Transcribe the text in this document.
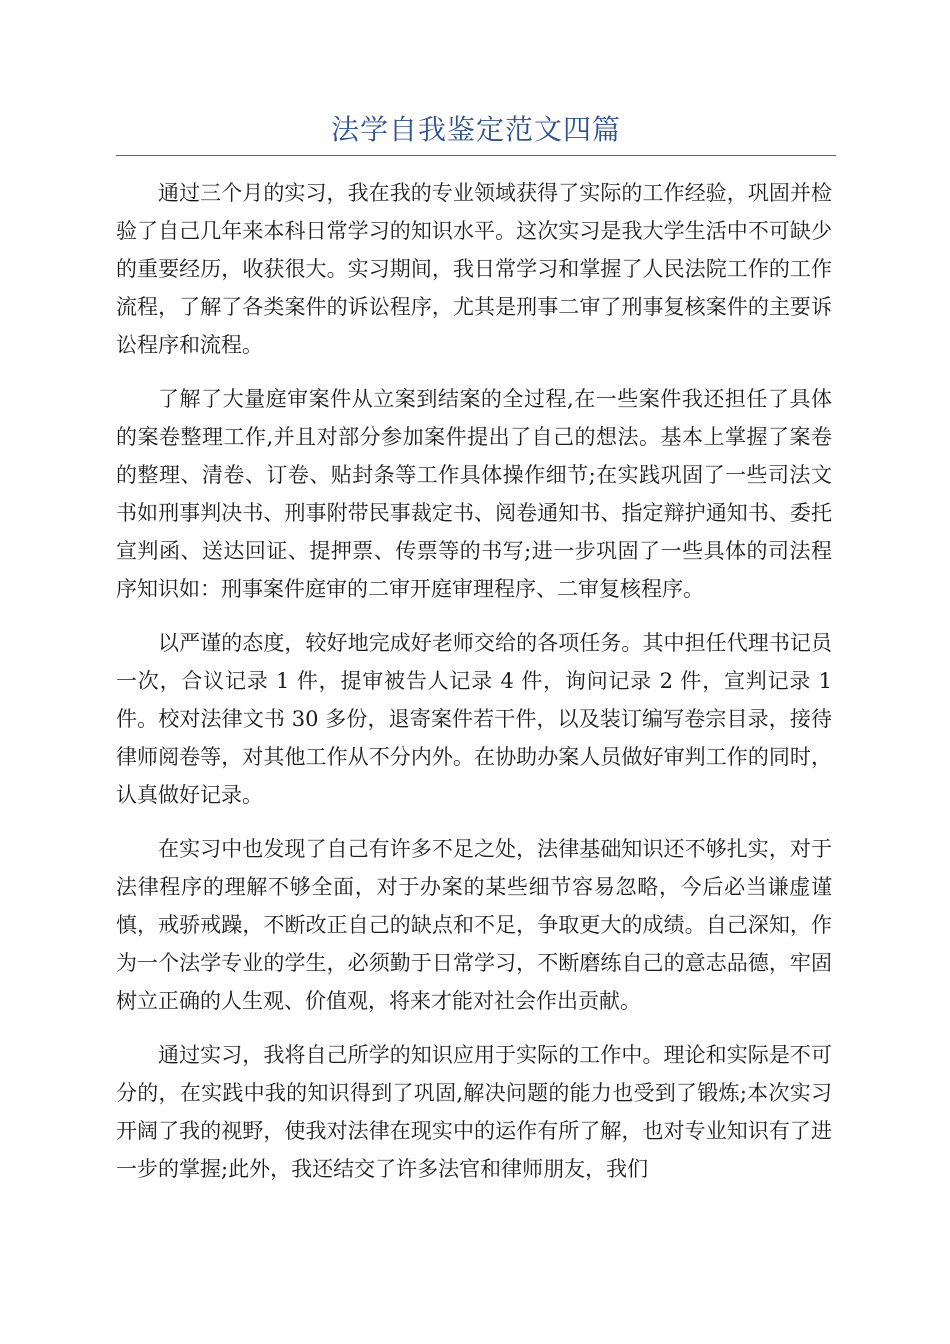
法学自我鉴定范文四篇

通过三个月的实习，我在我的专业领域获得了实际的工作经验，巩固并检验了自己几年来本科日常学习的知识水平。这次实习是我大学生活中不可缺少的重要经历，收获很大。实习期间，我日常学习和掌握了人民法院工作的工作流程，了解了各类案件的诉讼程序，尤其是刑事二审了刑事复核案件的主要诉讼程序和流程。

了解了大量庭审案件从立案到结案的全过程,在一些案件我还担任了具体的案卷整理工作,并且对部分参加案件提出了自己的想法。基本上掌握了案卷的整理、清卷、订卷、贴封条等工作具体操作细节;在实践巩固了一些司法文书如刑事判决书、刑事附带民事裁定书、阅卷通知书、指定辩护通知书、委托宣判函、送达回证、提押票、传票等的书写;进一步巩固了一些具体的司法程序知识如：刑事案件庭审的二审开庭审理程序、二审复核程序。

以严谨的态度，较好地完成好老师交给的各项任务。其中担任代理书记员一次，合议记录 1 件，提审被告人记录 4 件，询问记录 2 件，宣判记录 1 件。校对法律文书 30 多份，退寄案件若干件，以及装订编写卷宗目录，接待律师阅卷等，对其他工作从不分内外。在协助办案人员做好审判工作的同时，认真做好记录。

在实习中也发现了自己有许多不足之处，法律基础知识还不够扎实，对于法律程序的理解不够全面，对于办案的某些细节容易忽略，今后必当谦虚谨慎，戒骄戒躁，不断改正自己的缺点和不足，争取更大的成绩。自己深知，作为一个法学专业的学生，必须勤于日常学习，不断磨练自己的意志品德，牢固树立正确的人生观、价值观，将来才能对社会作出贡献。

通过实习，我将自己所学的知识应用于实际的工作中。理论和实际是不可分的，在实践中我的知识得到了巩固,解决问题的能力也受到了锻炼;本次实习开阔了我的视野，使我对法律在现实中的运作有所了解，也对专业知识有了进一步的掌握;此外，我还结交了许多法官和律师朋友，我们
